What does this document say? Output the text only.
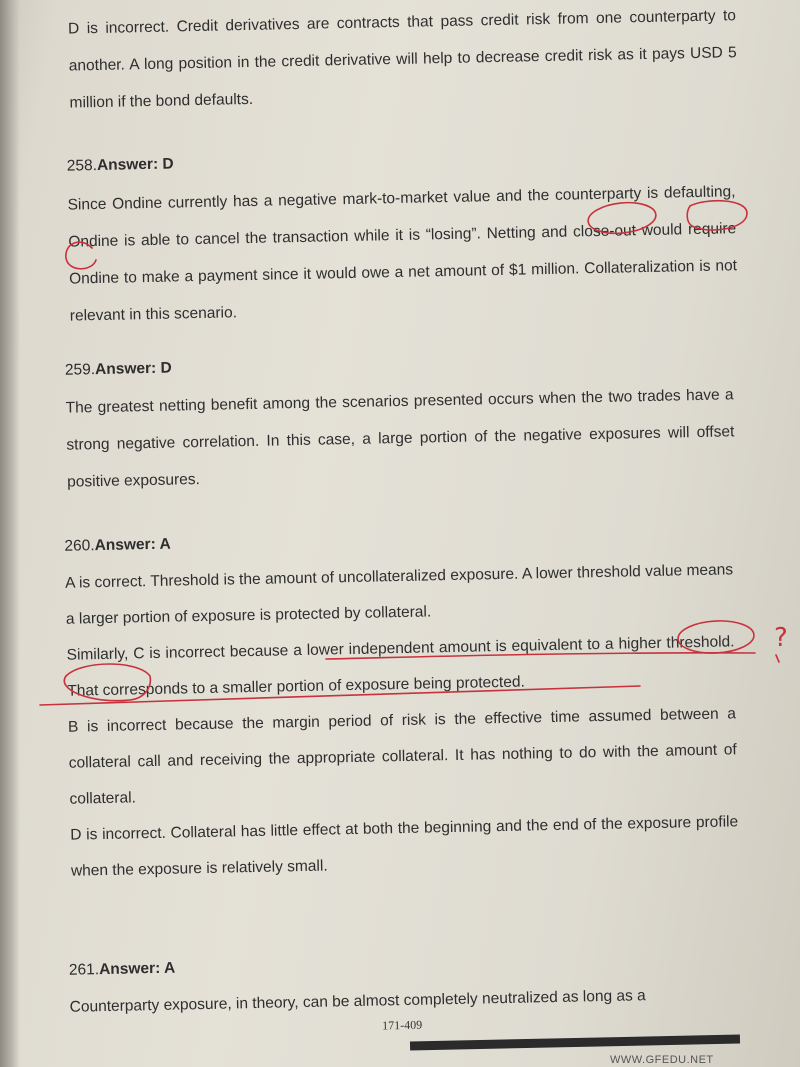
D is incorrect. Credit derivatives are contracts that pass credit risk from one counterparty to another. A long position in the credit derivative will help to decrease credit risk as it pays USD 5 million if the bond defaults.

258.Answer: D

Since Ondine currently has a negative mark-to-market value and the counterparty is defaulting, Ondine is able to cancel the transaction while it is “losing”. Netting and close-out would require Ondine to make a payment since it would owe a net amount of $1 million. Collateralization is not relevant in this scenario.

259.Answer: D

The greatest netting benefit among the scenarios presented occurs when the two trades have a strong negative correlation. In this case, a large portion of the negative exposures will offset positive exposures.

260.Answer: A

A is correct. Threshold is the amount of uncollateralized exposure. A lower threshold value means a larger portion of exposure is protected by collateral.

Similarly, C is incorrect because a lower independent amount is equivalent to a higher threshold. That corresponds to a smaller portion of exposure being protected.

B is incorrect because the margin period of risk is the effective time assumed between a collateral call and receiving the appropriate collateral. It has nothing to do with the amount of collateral.

D is incorrect. Collateral has little effect at both the beginning and the end of the exposure profile when the exposure is relatively small.

261.Answer: A

Counterparty exposure, in theory, can be almost completely neutralized as long as a

171-409
WWW.GFEDU.NET
?
